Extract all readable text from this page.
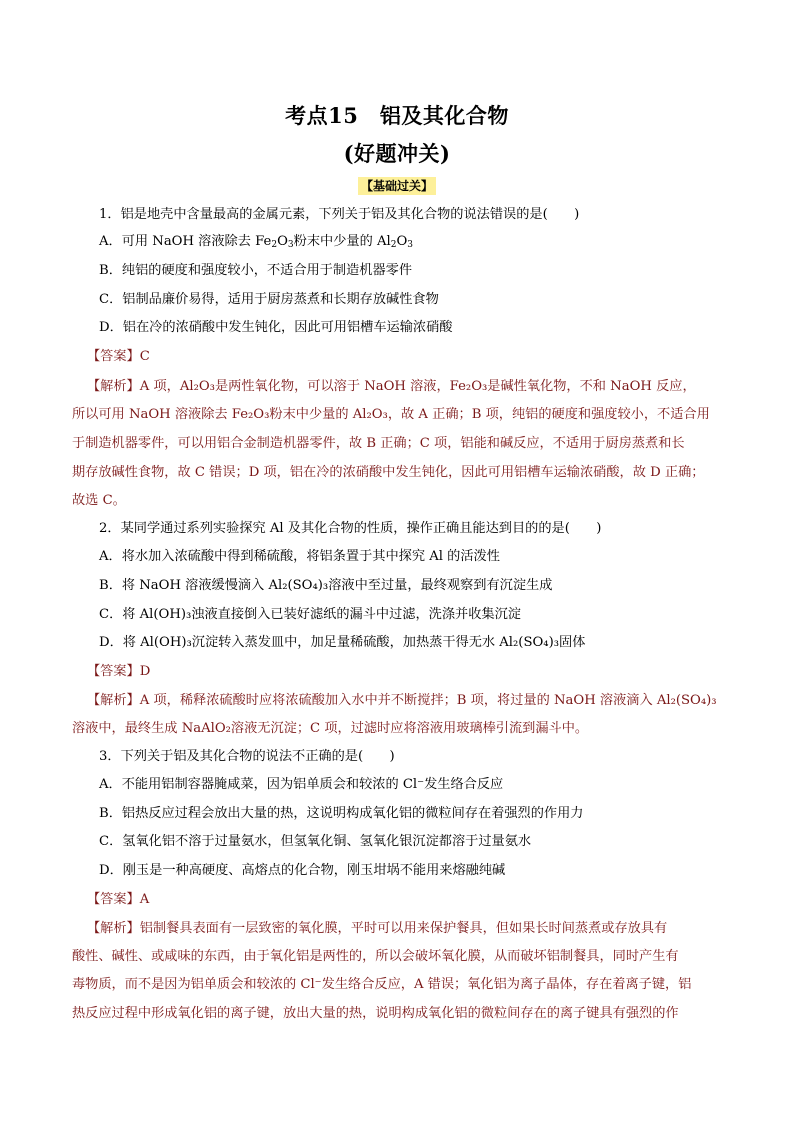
考点15　铝及其化合物
(好题冲关)
【基础过关】
1．铝是地壳中含量最高的金属元素，下列关于铝及其化合物的说法错误的是(　　)
A．可用 NaOH 溶液除去 $Fe_2O_3$粉末中少量的 $Al_2O_3$
B．纯铝的硬度和强度较小，不适合用于制造机器零件
C．铝制品廉价易得，适用于厨房蒸煮和长期存放碱性食物
D．铝在冷的浓硝酸中发生钝化，因此可用铝槽车运输浓硝酸
【答案】C
【解析】A 项，Al₂O₃是两性氧化物，可以溶于 NaOH 溶液，Fe₂O₃是碱性氧化物，不和 NaOH 反应，
所以可用 NaOH 溶液除去 Fe₂O₃粉末中少量的 Al₂O₃，故 A 正确；B 项，纯铝的硬度和强度较小，不适合用
于制造机器零件，可以用铝合金制造机器零件，故 B 正确；C 项，铝能和碱反应，不适用于厨房蒸煮和长
期存放碱性食物，故 C 错误；D 项，铝在冷的浓硝酸中发生钝化，因此可用铝槽车运输浓硝酸，故 D 正确；
故选 C。
2．某同学通过系列实验探究 Al 及其化合物的性质，操作正确且能达到目的的是(　　)
A．将水加入浓硫酸中得到稀硫酸，将铝条置于其中探究 Al 的活泼性
B．将 NaOH 溶液缓慢滴入 Al₂(SO₄)₃溶液中至过量，最终观察到有沉淀生成
C．将 Al(OH)₃浊液直接倒入已装好滤纸的漏斗中过滤，洗涤并收集沉淀
D．将 Al(OH)₃沉淀转入蒸发皿中，加足量稀硫酸，加热蒸干得无水 Al₂(SO₄)₃固体
【答案】D
【解析】A 项，稀释浓硫酸时应将浓硫酸加入水中并不断搅拌；B 项，将过量的 NaOH 溶液滴入 Al₂(SO₄)₃
溶液中，最终生成 NaAlO₂溶液无沉淀；C 项，过滤时应将溶液用玻璃棒引流到漏斗中。
3．下列关于铝及其化合物的说法不正确的是(　　)
A．不能用铝制容器腌咸菜，因为铝单质会和较浓的 Cl⁻发生络合反应
B．铝热反应过程会放出大量的热，这说明构成氧化铝的微粒间存在着强烈的作用力
C．氢氧化铝不溶于过量氨水，但氢氧化铜、氢氧化银沉淀都溶于过量氨水
D．刚玉是一种高硬度、高熔点的化合物，刚玉坩埚不能用来熔融纯碱
【答案】A
【解析】铝制餐具表面有一层致密的氧化膜，平时可以用来保护餐具，但如果长时间蒸煮或存放具有
酸性、碱性、或咸味的东西，由于氧化铝是两性的，所以会破坏氧化膜，从而破坏铝制餐具，同时产生有
毒物质，而不是因为铝单质会和较浓的 Cl⁻发生络合反应，A 错误；氧化铝为离子晶体，存在着离子键，铝
热反应过程中形成氧化铝的离子键，放出大量的热，说明构成氧化铝的微粒间存在的离子键具有强烈的作
